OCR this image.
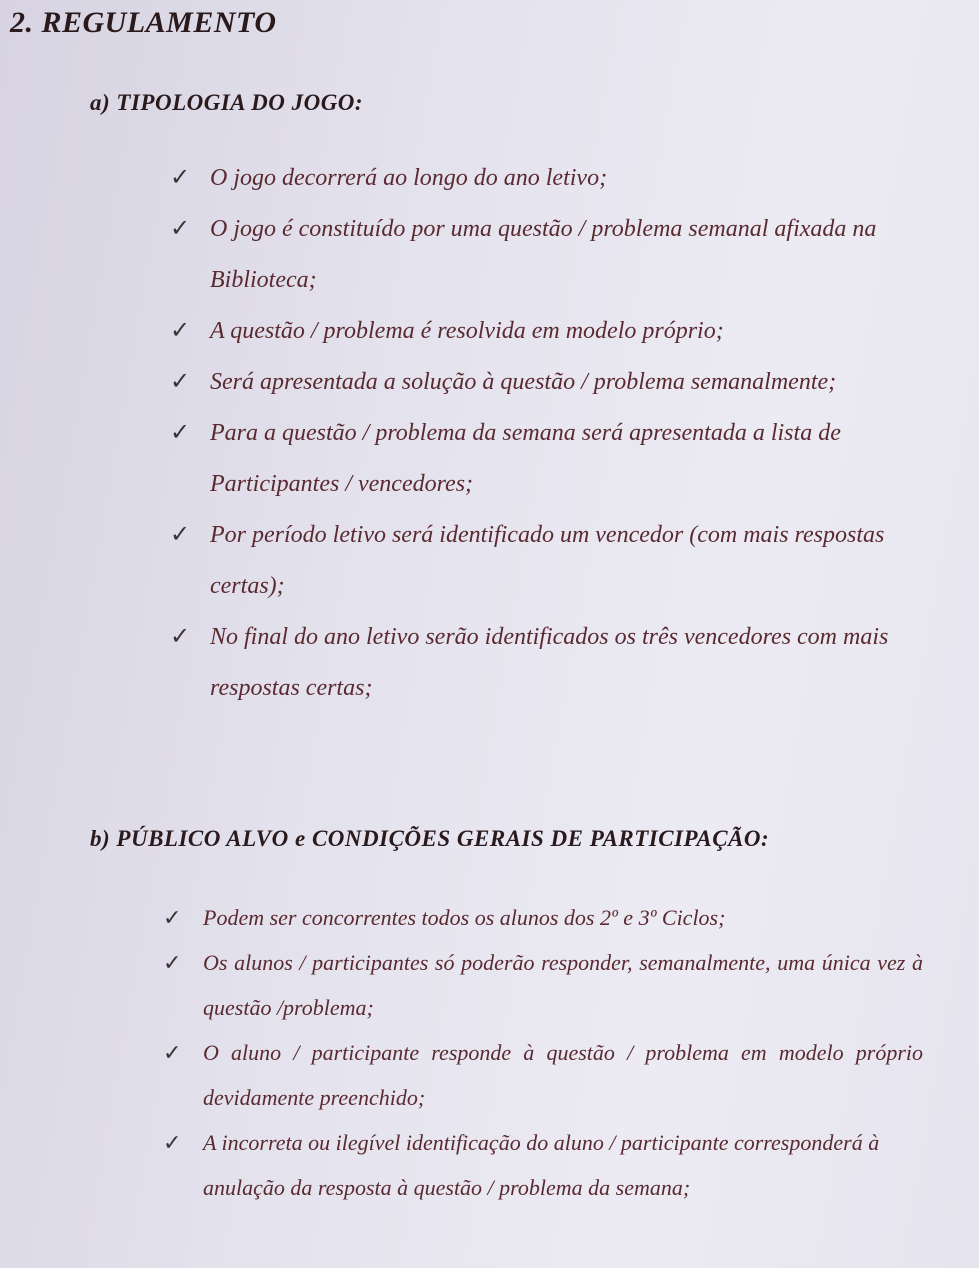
2. REGULAMENTO
a) TIPOLOGIA DO JOGO:
✓ O jogo decorrerá ao longo do ano letivo;
✓ O jogo é constituído por uma questão / problema semanal afixada na Biblioteca;
✓ A questão / problema é resolvida em modelo próprio;
✓ Será apresentada a solução à questão / problema semanalmente;
✓ Para a questão / problema da semana será apresentada a lista de Participantes / vencedores;
✓ Por período letivo será identificado um vencedor (com mais respostas certas);
✓ No final do ano letivo serão identificados os três vencedores com mais respostas certas;
b) PÚBLICO ALVO e CONDIÇÕES GERAIS DE PARTICIPAÇÃO:
✓ Podem ser concorrentes todos os alunos dos 2º e 3º Ciclos;
✓ Os alunos / participantes só poderão responder, semanalmente, uma única vez à questão /problema;
✓ O aluno / participante responde à questão / problema em modelo próprio devidamente preenchido;
✓ A incorreta ou ilegível identificação do aluno / participante corresponderá à anulação da resposta à questão / problema da semana;
